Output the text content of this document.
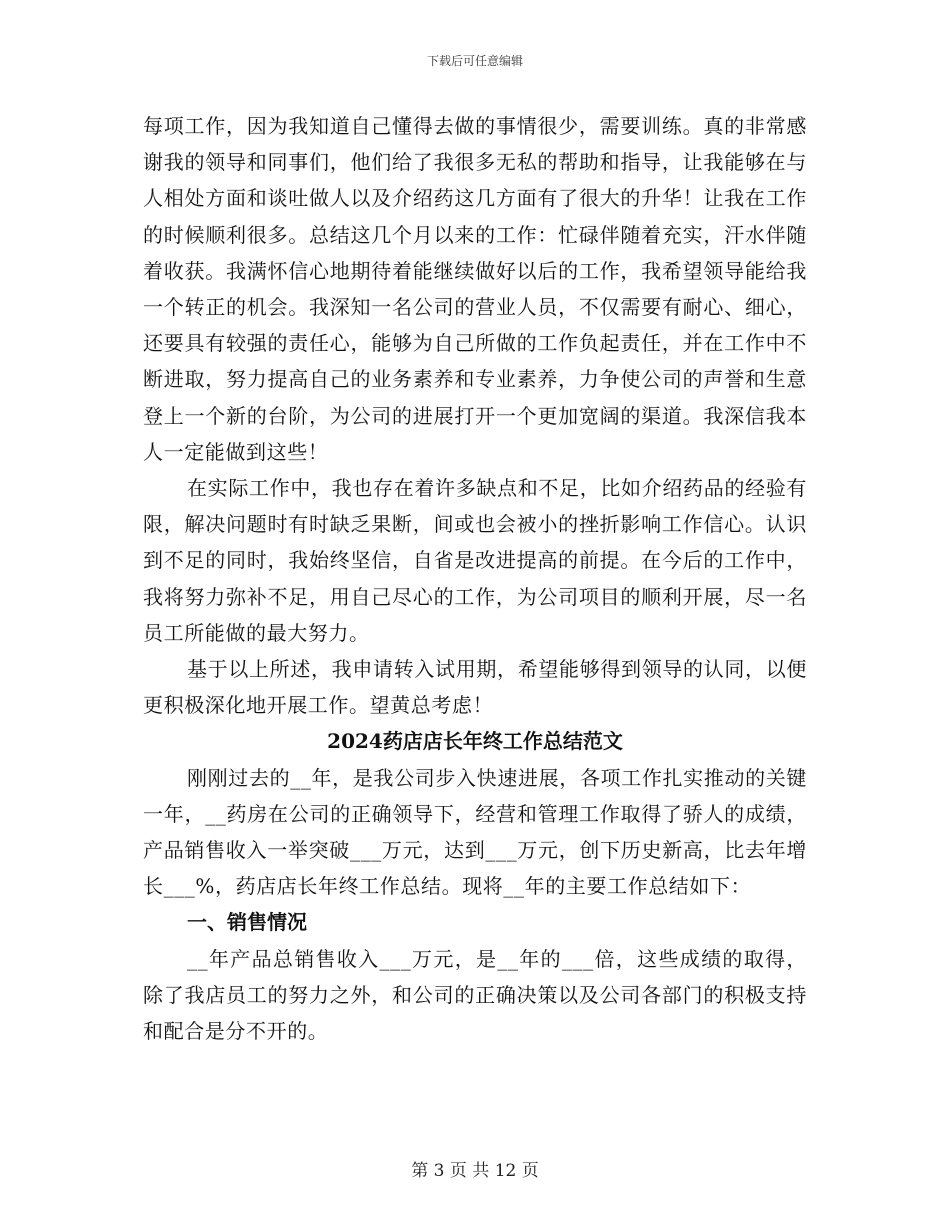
下载后可任意编辑

每项工作，因为我知道自己懂得去做的事情很少，需要训练。真的非常感谢我的领导和同事们，他们给了我很多无私的帮助和指导，让我能够在与人相处方面和谈吐做人以及介绍药这几方面有了很大的升华！让我在工作的时候顺利很多。总结这几个月以来的工作：忙碌伴随着充实，汗水伴随着收获。我满怀信心地期待着能继续做好以后的工作，我希望领导能给我一个转正的机会。我深知一名公司的营业人员，不仅需要有耐心、细心，还要具有较强的责任心，能够为自己所做的工作负起责任，并在工作中不断进取，努力提高自己的业务素养和专业素养，力争使公司的声誉和生意登上一个新的台阶，为公司的进展打开一个更加宽阔的渠道。我深信我本人一定能做到这些！

在实际工作中，我也存在着许多缺点和不足，比如介绍药品的经验有限，解决问题时有时缺乏果断，间或也会被小的挫折影响工作信心。认识到不足的同时，我始终坚信，自省是改进提高的前提。在今后的工作中，我将努力弥补不足，用自己尽心的工作，为公司项目的顺利开展，尽一名员工所能做的最大努力。

基于以上所述，我申请转入试用期，希望能够得到领导的认同，以便更积极深化地开展工作。望黄总考虑！

2024药店店长年终工作总结范文

刚刚过去的__年，是我公司步入快速进展，各项工作扎实推动的关键一年，__药房在公司的正确领导下，经营和管理工作取得了骄人的成绩，产品销售收入一举突破___万元，达到___万元，创下历史新高，比去年增长___%，药店店长年终工作总结。现将__年的主要工作总结如下：

一、销售情况

__年产品总销售收入___万元，是__年的___倍，这些成绩的取得，除了我店员工的努力之外，和公司的正确决策以及公司各部门的积极支持和配合是分不开的。

第 3 页 共 12 页
